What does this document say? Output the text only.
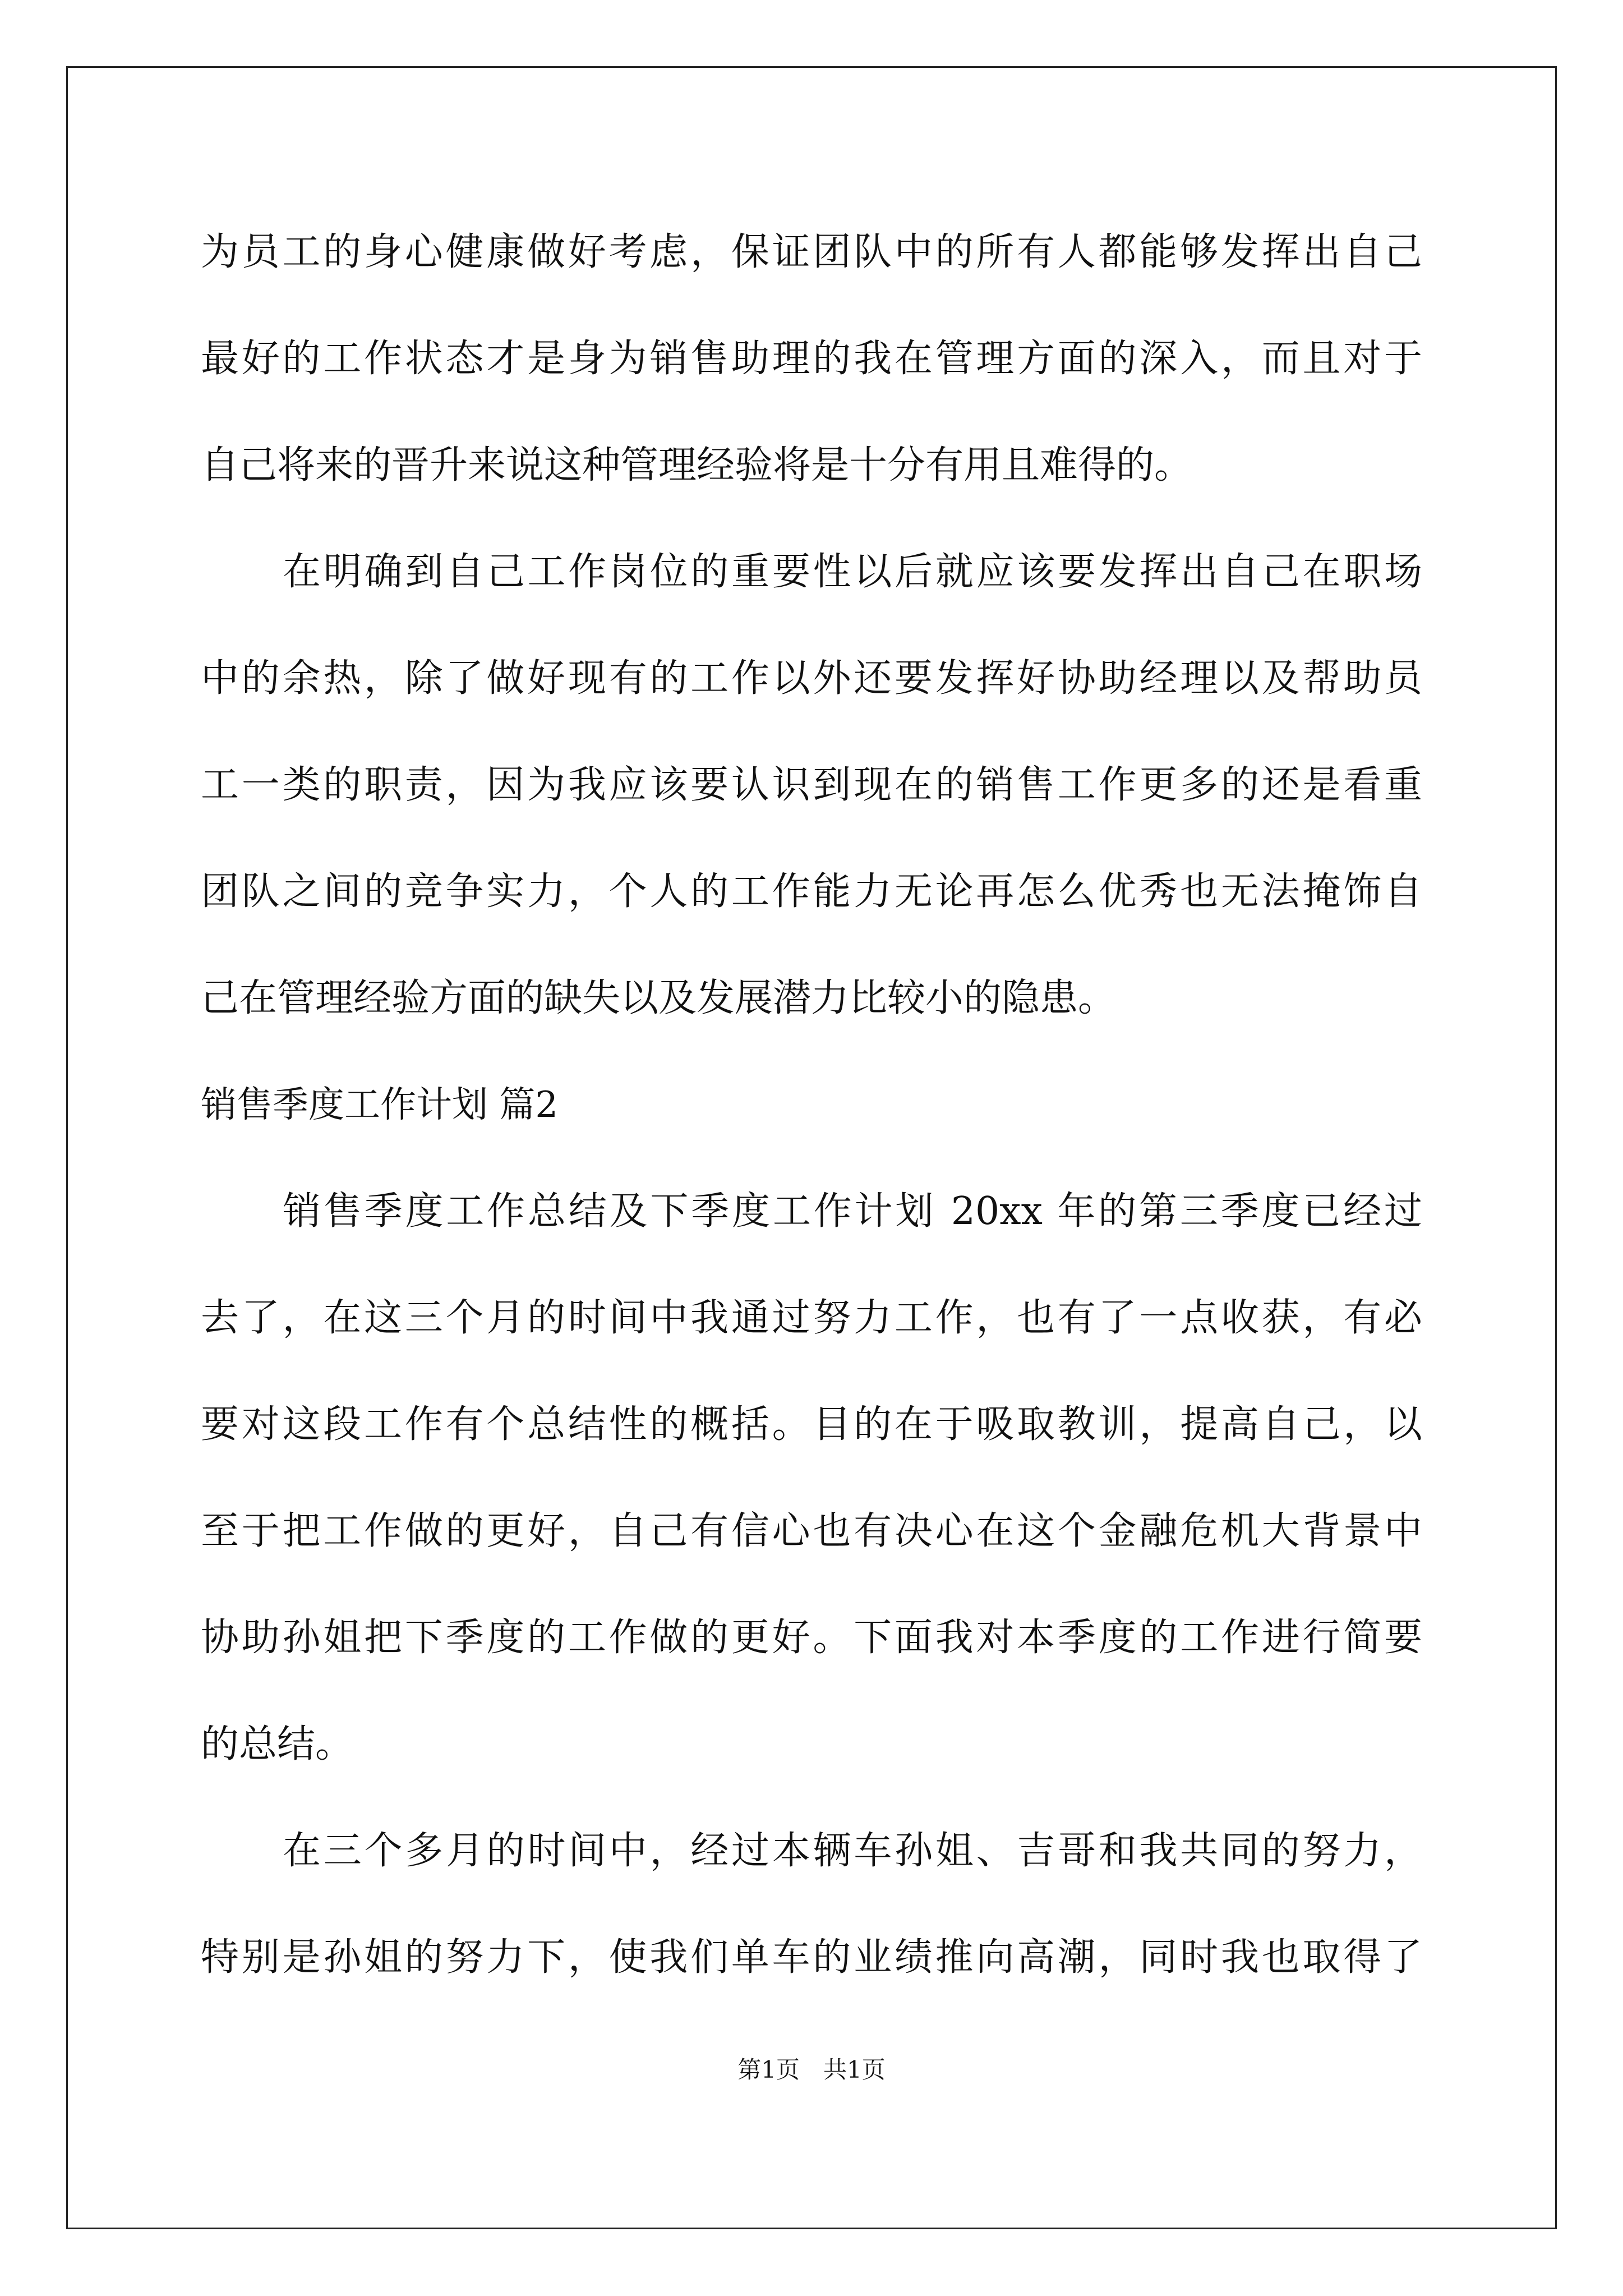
为员工的身心健康做好考虑，保证团队中的所有人都能够发挥出自己
最好的工作状态才是身为销售助理的我在管理方面的深入，而且对于
自己将来的晋升来说这种管理经验将是十分有用且难得的。
在明确到自己工作岗位的重要性以后就应该要发挥出自己在职场
中的余热，除了做好现有的工作以外还要发挥好协助经理以及帮助员
工一类的职责，因为我应该要认识到现在的销售工作更多的还是看重
团队之间的竞争实力，个人的工作能力无论再怎么优秀也无法掩饰自
己在管理经验方面的缺失以及发展潜力比较小的隐患。
销售季度工作计划 篇2
销售季度工作总结及下季度工作计划 20xx 年的第三季度已经过
去了，在这三个月的时间中我通过努力工作，也有了一点收获，有必
要对这段工作有个总结性的概括。目的在于吸取教训，提高自己，以
至于把工作做的更好，自己有信心也有决心在这个金融危机大背景中
协助孙姐把下季度的工作做的更好。下面我对本季度的工作进行简要
的总结。
在三个多月的时间中，经过本辆车孙姐、吉哥和我共同的努力，
特别是孙姐的努力下，使我们单车的业绩推向高潮，同时我也取得了
第1页　共1页
